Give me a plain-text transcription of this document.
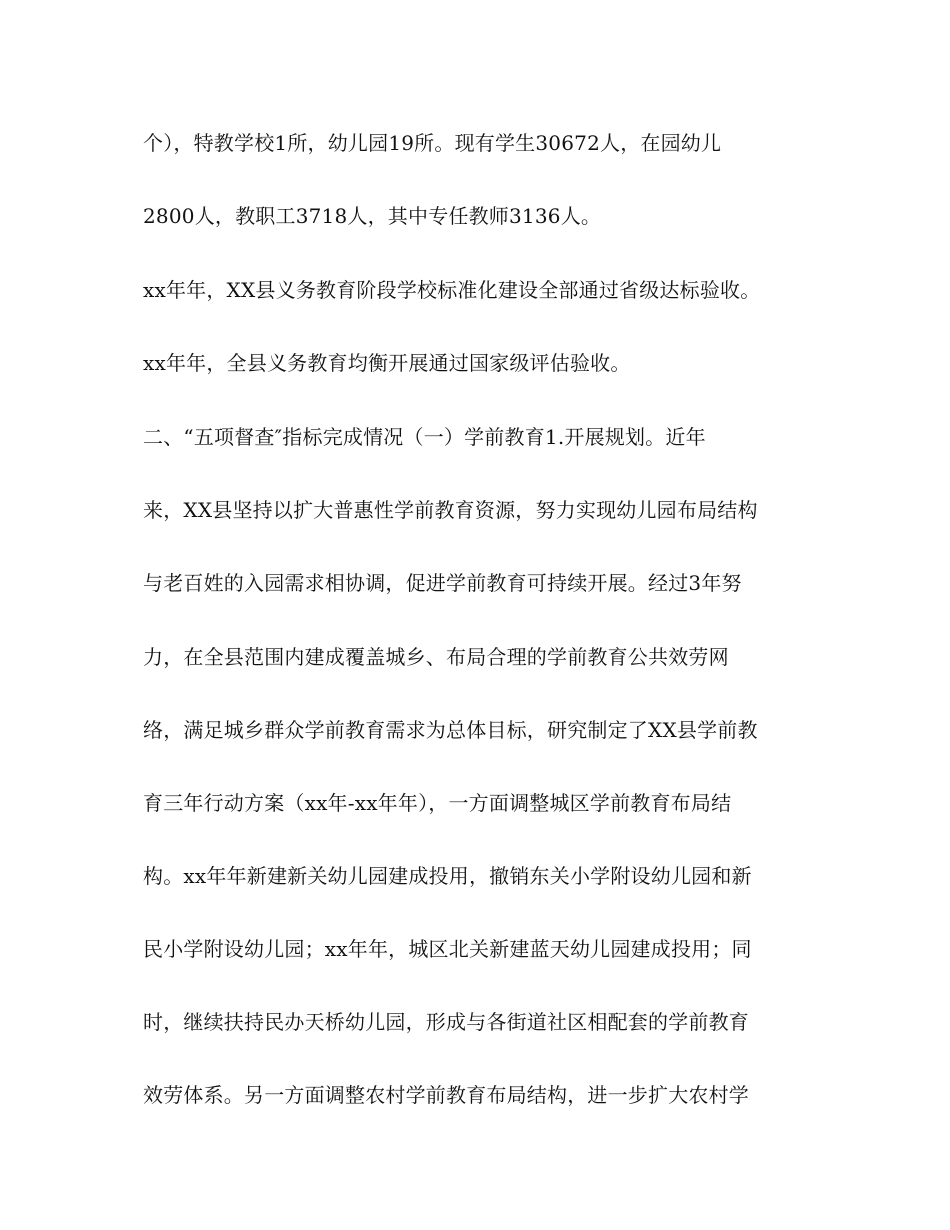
个），特教学校1所，幼儿园19所。现有学生30672人，在园幼儿
2800人，教职工3718人，其中专任教师3136人。
xx年年，XX县义务教育阶段学校标准化建设全部通过省级达标验收。
xx年年，全县义务教育均衡开展通过国家级评估验收。
二、“五项督查″指标完成情况（一）学前教育1.开展规划。近年
来，XX县坚持以扩大普惠性学前教育资源，努力实现幼儿园布局结构
与老百姓的入园需求相协调，促进学前教育可持续开展。经过3年努
力，在全县范围内建成覆盖城乡、布局合理的学前教育公共效劳网
络，满足城乡群众学前教育需求为总体目标，研究制定了XX县学前教
育三年行动方案（xx年-xx年年），一方面调整城区学前教育布局结
构。xx年年新建新关幼儿园建成投用，撤销东关小学附设幼儿园和新
民小学附设幼儿园；xx年年，城区北关新建蓝天幼儿园建成投用；同
时，继续扶持民办天桥幼儿园，形成与各街道社区相配套的学前教育
效劳体系。另一方面调整农村学前教育布局结构，进一步扩大农村学
